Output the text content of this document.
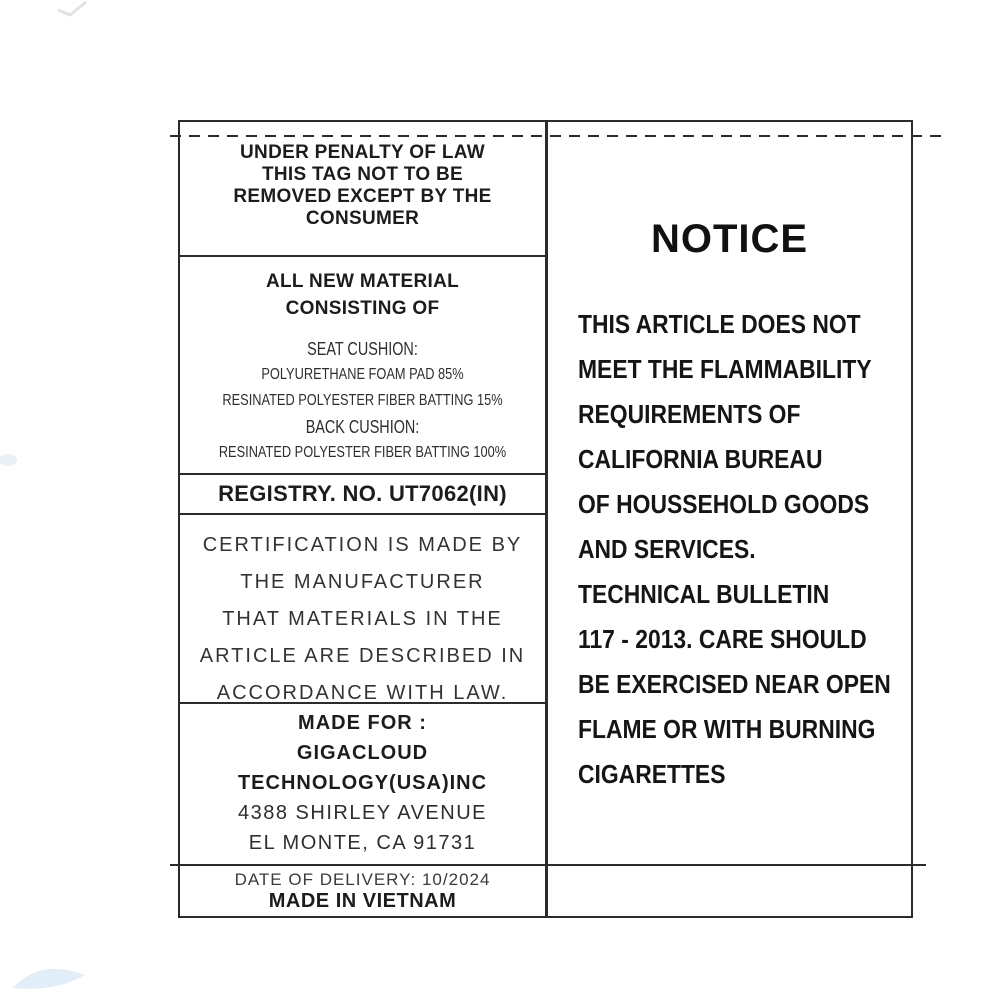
UNDER PENALTY OF LAW
THIS TAG NOT TO BE
REMOVED EXCEPT BY THE
CONSUMER
ALL NEW MATERIAL
CONSISTING OF
SEAT CUSHION:
POLYURETHANE FOAM PAD 85%
RESINATED POLYESTER FIBER BATTING 15%
BACK CUSHION:
RESINATED POLYESTER FIBER BATTING 100%
REGISTRY. NO. UT7062(IN)
CERTIFICATION IS MADE BY
THE MANUFACTURER
THAT MATERIALS IN THE
ARTICLE ARE DESCRIBED IN
ACCORDANCE WITH LAW.
MADE FOR :
GIGACLOUD
TECHNOLOGY(USA)INC
4388 SHIRLEY AVENUE
EL MONTE, CA 91731
DATE OF DELIVERY: 10/2024
MADE IN VIETNAM
NOTICE
THIS ARTICLE DOES NOT
MEET THE FLAMMABILITY
REQUIREMENTS OF
CALIFORNIA BUREAU
OF HOUSSEHOLD GOODS
AND SERVICES.
TECHNICAL BULLETIN
117 - 2013. CARE SHOULD
BE EXERCISED NEAR OPEN
FLAME OR WITH BURNING
CIGARETTES
